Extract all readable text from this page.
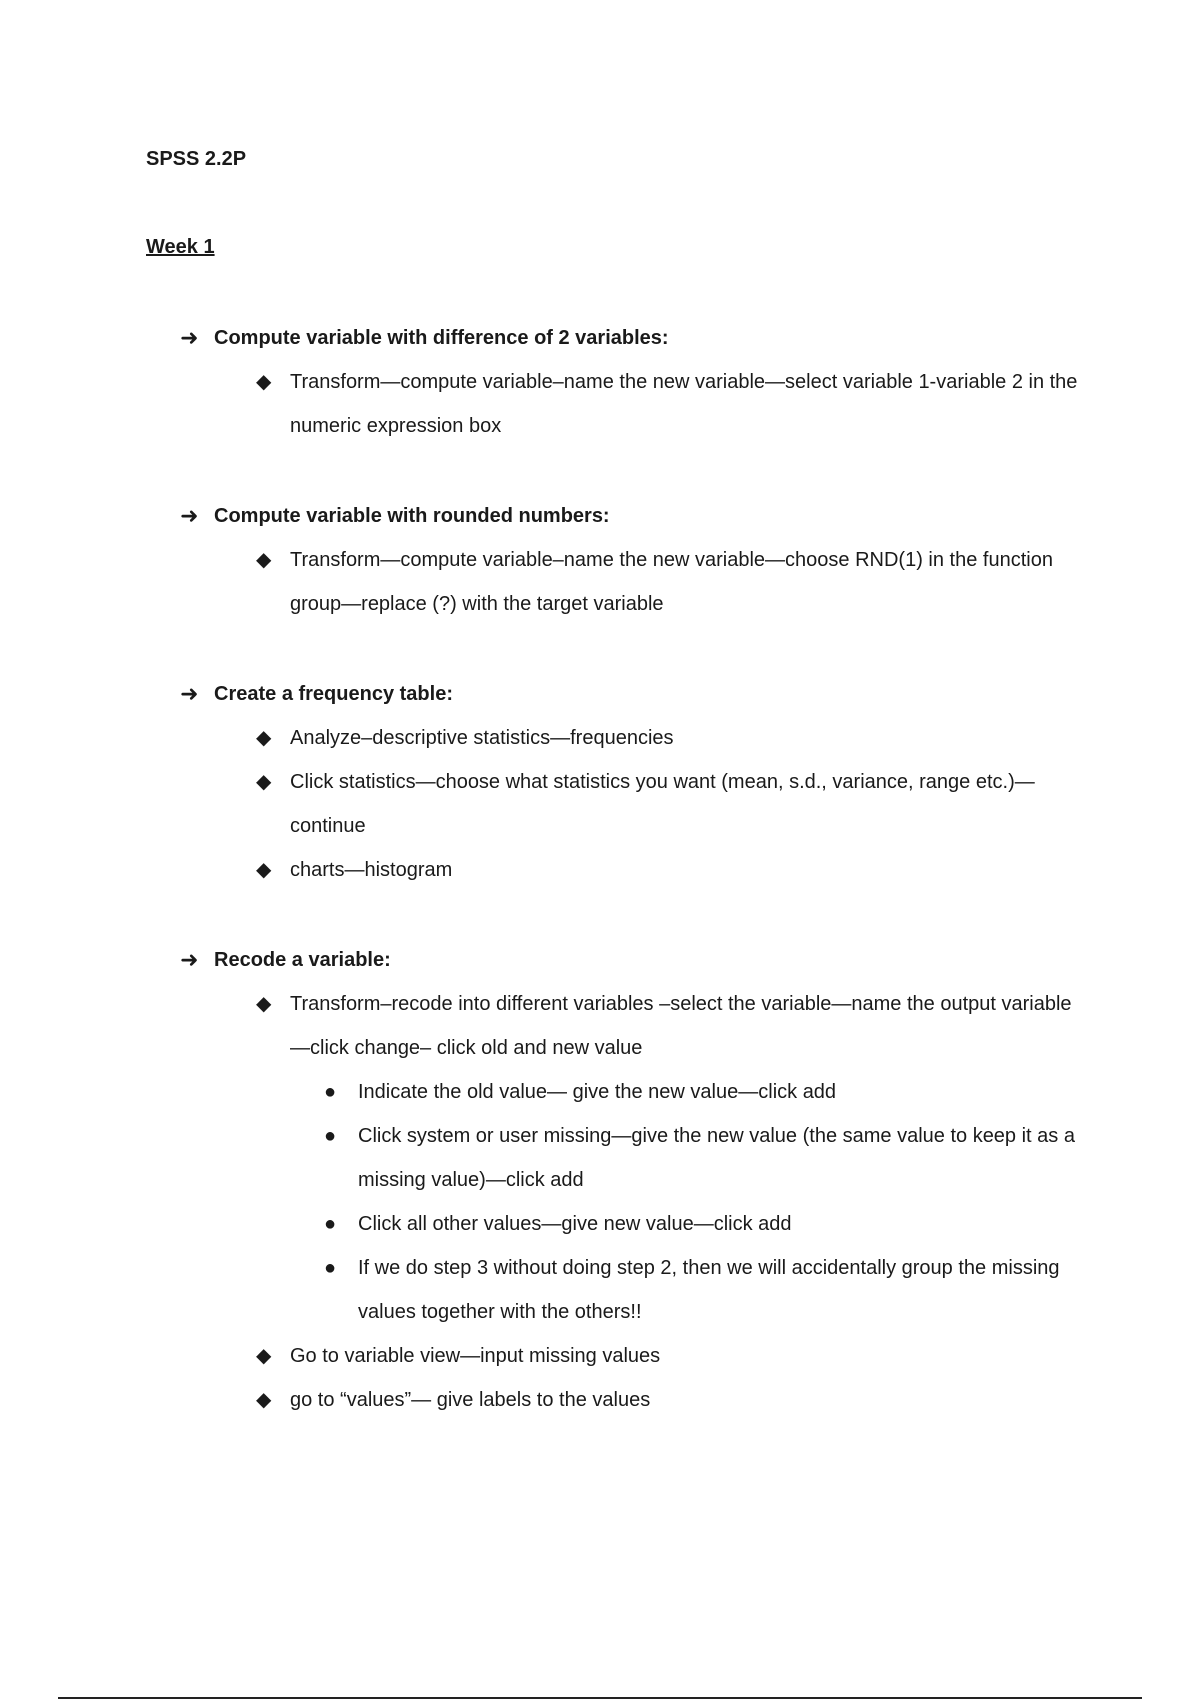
SPSS 2.2P
Week 1
➜ Compute variable with difference of 2 variables:
◆ Transform—compute variable–name the new variable—select variable 1-variable 2 in the numeric expression box
➜ Compute variable with rounded numbers:
◆ Transform—compute variable–name the new variable—choose RND(1) in the function group—replace (?) with the target variable
➜ Create a frequency table:
◆ Analyze–descriptive statistics—frequencies
◆ Click statistics—choose what statistics you want (mean, s.d., variance, range etc.)—continue
◆ charts—histogram
➜ Recode a variable:
◆ Transform–recode into different variables –select the variable—name the output variable—click change– click old and new value
●	Indicate the old value— give the new value—click add
●	Click system or user missing—give the new value (the same value to keep it as a missing value)—click add
●	Click all other values—give new value—click add
●	If we do step 3 without doing step 2, then we will accidentally group the missing values together with the others!!
◆ Go to variable view—input missing values
◆ go to “values”— give labels to the values
